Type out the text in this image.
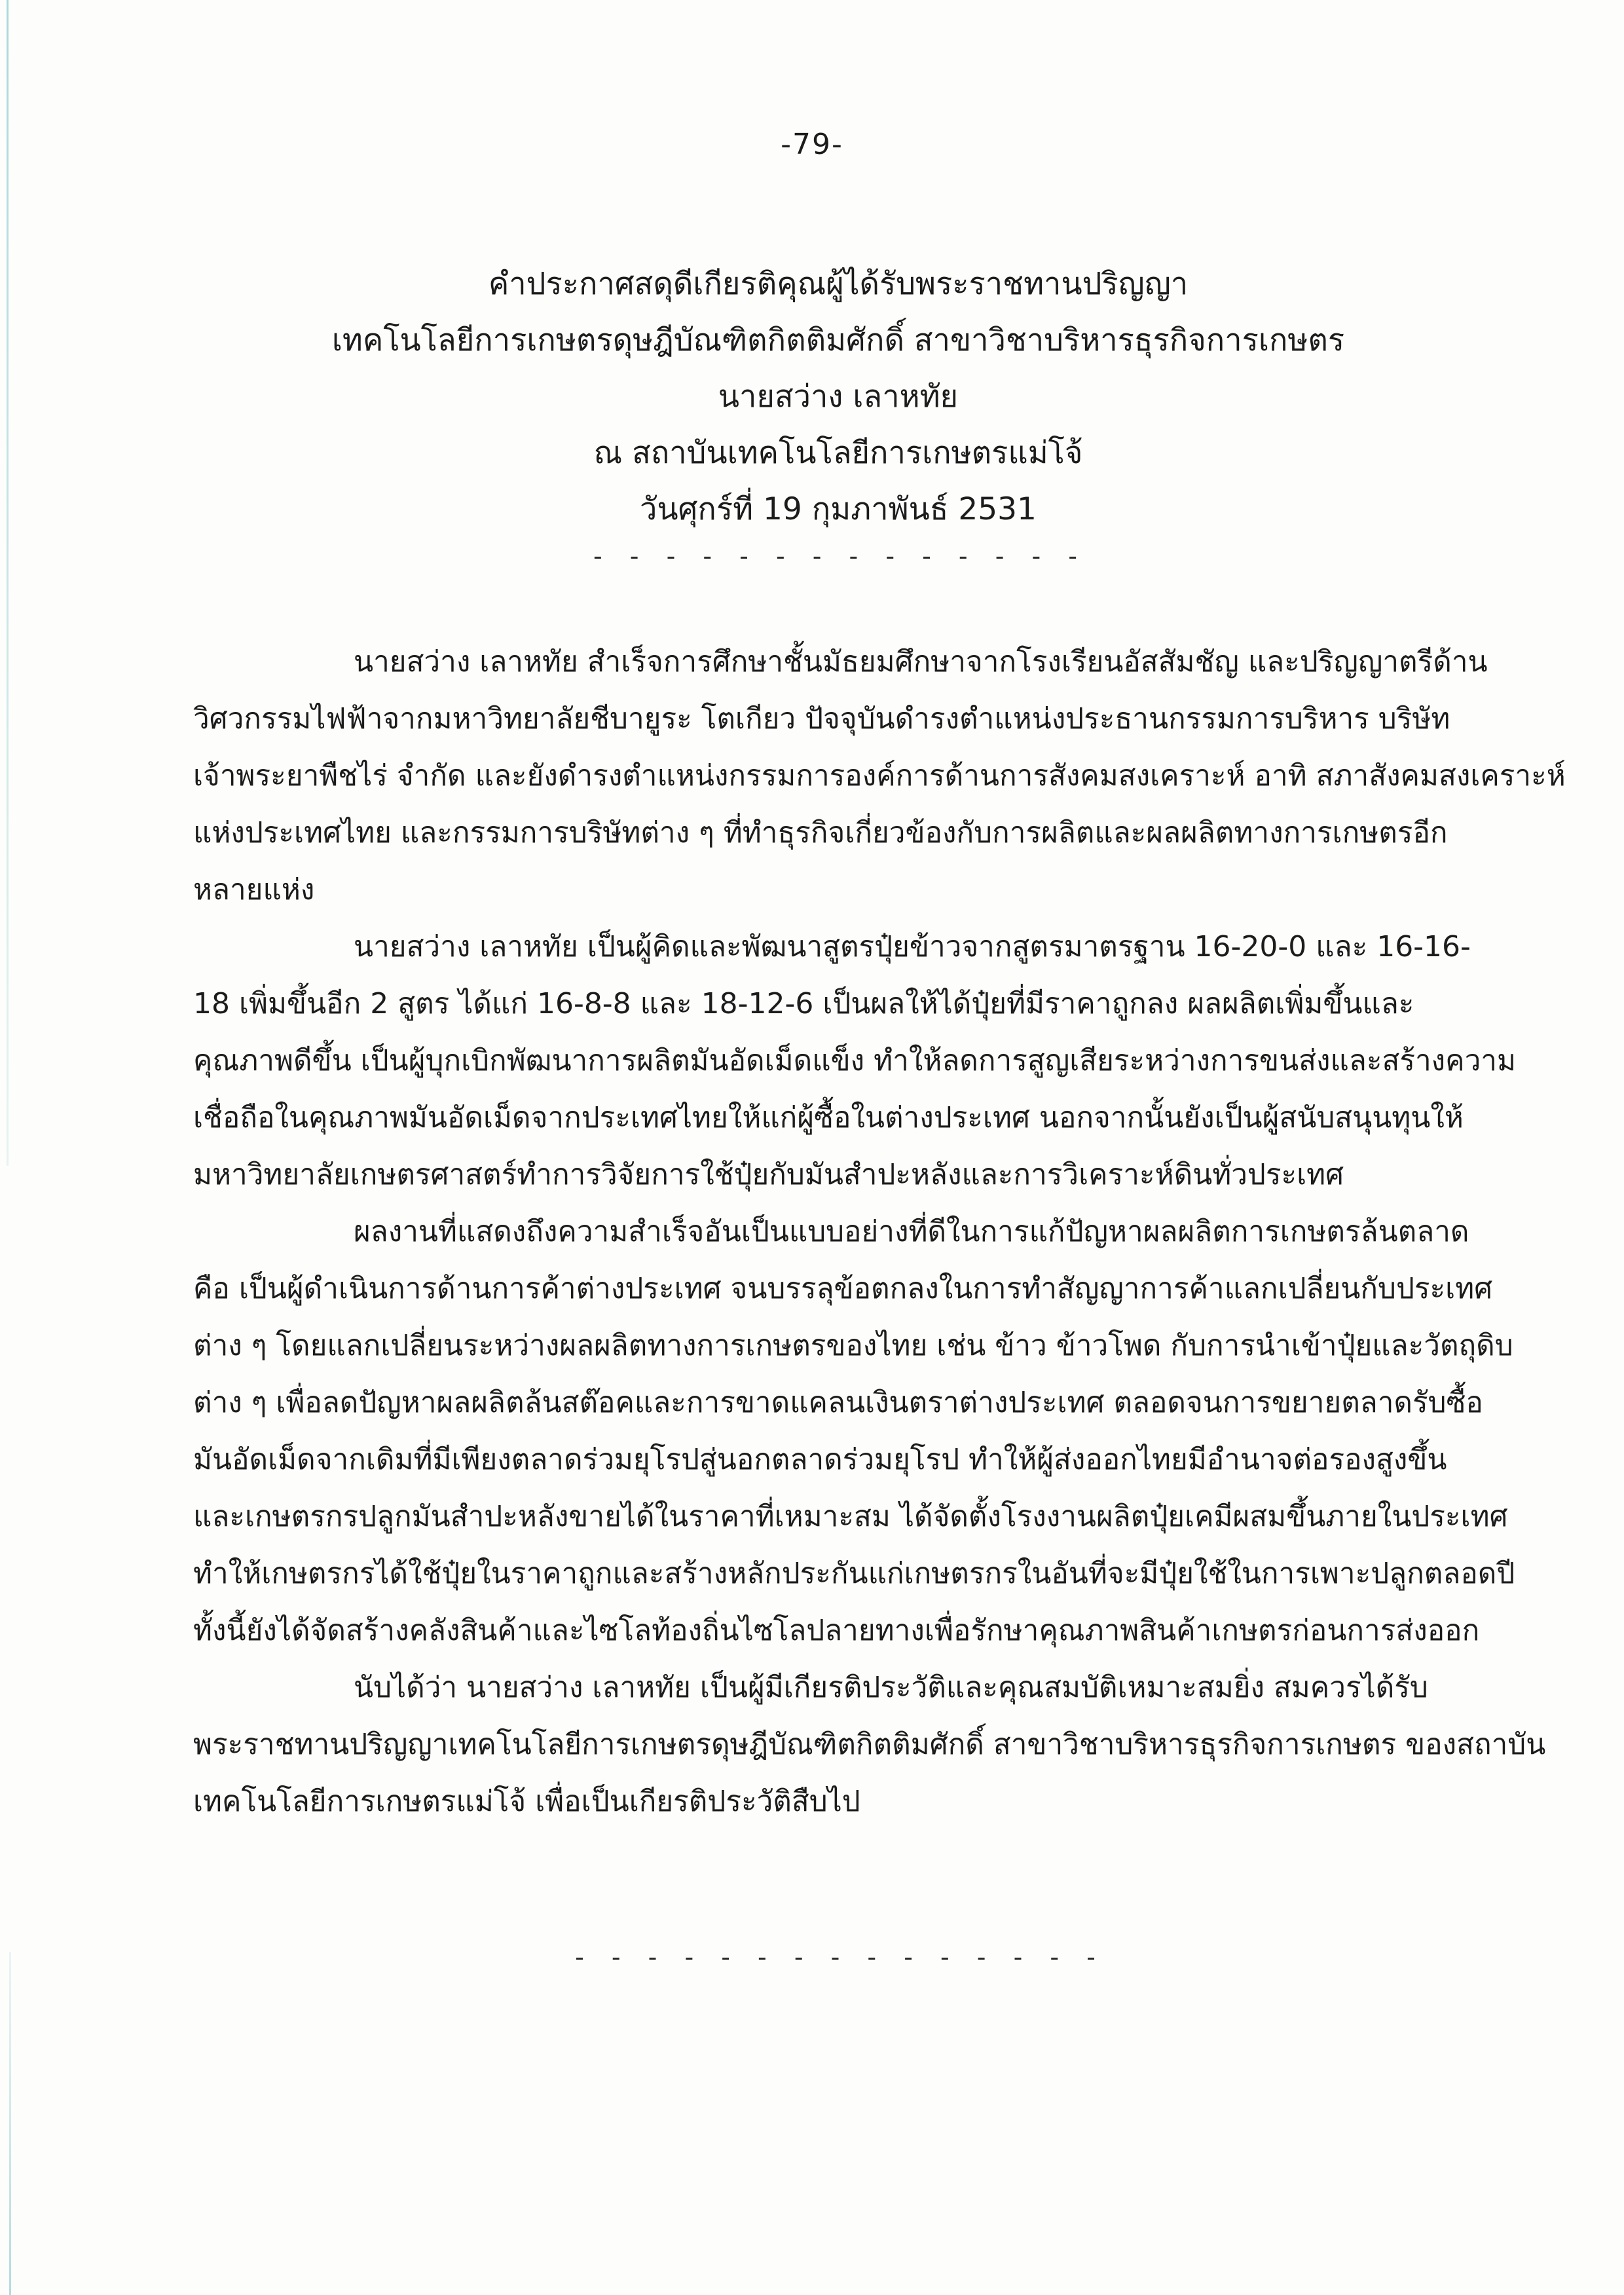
-79-
คำประกาศสดุดีเกียรติคุณผู้ได้รับพระราชทานปริญญา
เทคโนโลยีการเกษตรดุษฎีบัณฑิตกิตติมศักดิ์ สาขาวิชาบริหารธุรกิจการเกษตร
นายสว่าง เลาหทัย
ณ สถาบันเทคโนโลยีการเกษตรแม่โจ้
วันศุกร์ที่ 19 กุมภาพันธ์ 2531
- - - - - - - - - - - - - -
นายสว่าง เลาหทัย สำเร็จการศึกษาชั้นมัธยมศึกษาจากโรงเรียนอัสสัมชัญ และปริญญาตรีด้าน
วิศวกรรมไฟฟ้าจากมหาวิทยาลัยชีบายูระ โตเกียว ปัจจุบันดำรงตำแหน่งประธานกรรมการบริหาร บริษัท
เจ้าพระยาพืชไร่ จำกัด และยังดำรงตำแหน่งกรรมการองค์การด้านการสังคมสงเคราะห์ อาทิ สภาสังคมสงเคราะห์
แห่งประเทศไทย และกรรมการบริษัทต่าง ๆ ที่ทำธุรกิจเกี่ยวข้องกับการผลิตและผลผลิตทางการเกษตรอีก
หลายแห่ง
นายสว่าง เลาหทัย เป็นผู้คิดและพัฒนาสูตรปุ๋ยข้าวจากสูตรมาตรฐาน 16-20-0 และ 16-16-
18 เพิ่มขึ้นอีก 2 สูตร ได้แก่ 16-8-8 และ 18-12-6 เป็นผลให้ได้ปุ๋ยที่มีราคาถูกลง ผลผลิตเพิ่มขึ้นและ
คุณภาพดีขึ้น เป็นผู้บุกเบิกพัฒนาการผลิตมันอัดเม็ดแข็ง ทำให้ลดการสูญเสียระหว่างการขนส่งและสร้างความ
เชื่อถือในคุณภาพมันอัดเม็ดจากประเทศไทยให้แก่ผู้ซื้อในต่างประเทศ นอกจากนั้นยังเป็นผู้สนับสนุนทุนให้
มหาวิทยาลัยเกษตรศาสตร์ทำการวิจัยการใช้ปุ๋ยกับมันสำปะหลังและการวิเคราะห์ดินทั่วประเทศ
ผลงานที่แสดงถึงความสำเร็จอันเป็นแบบอย่างที่ดีในการแก้ปัญหาผลผลิตการเกษตรล้นตลาด
คือ เป็นผู้ดำเนินการด้านการค้าต่างประเทศ จนบรรลุข้อตกลงในการทำสัญญาการค้าแลกเปลี่ยนกับประเทศ
ต่าง ๆ โดยแลกเปลี่ยนระหว่างผลผลิตทางการเกษตรของไทย เช่น ข้าว ข้าวโพด กับการนำเข้าปุ๋ยและวัตถุดิบ
ต่าง ๆ เพื่อลดปัญหาผลผลิตล้นสต๊อคและการขาดแคลนเงินตราต่างประเทศ ตลอดจนการขยายตลาดรับซื้อ
มันอัดเม็ดจากเดิมที่มีเพียงตลาดร่วมยุโรปสู่นอกตลาดร่วมยุโรป ทำให้ผู้ส่งออกไทยมีอำนาจต่อรองสูงขึ้น
และเกษตรกรปลูกมันสำปะหลังขายได้ในราคาที่เหมาะสม ได้จัดตั้งโรงงานผลิตปุ๋ยเคมีผสมขึ้นภายในประเทศ
ทำให้เกษตรกรได้ใช้ปุ๋ยในราคาถูกและสร้างหลักประกันแก่เกษตรกรในอันที่จะมีปุ๋ยใช้ในการเพาะปลูกตลอดปี
ทั้งนี้ยังได้จัดสร้างคลังสินค้าและไซโลท้องถิ่นไซโลปลายทางเพื่อรักษาคุณภาพสินค้าเกษตรก่อนการส่งออก
นับได้ว่า นายสว่าง เลาหทัย เป็นผู้มีเกียรติประวัติและคุณสมบัติเหมาะสมยิ่ง สมควรได้รับ
พระราชทานปริญญาเทคโนโลยีการเกษตรดุษฎีบัณฑิตกิตติมศักดิ์ สาขาวิชาบริหารธุรกิจการเกษตร ของสถาบัน
เทคโนโลยีการเกษตรแม่โจ้ เพื่อเป็นเกียรติประวัติสืบไป
- - - - - - - - - - - - - - -
